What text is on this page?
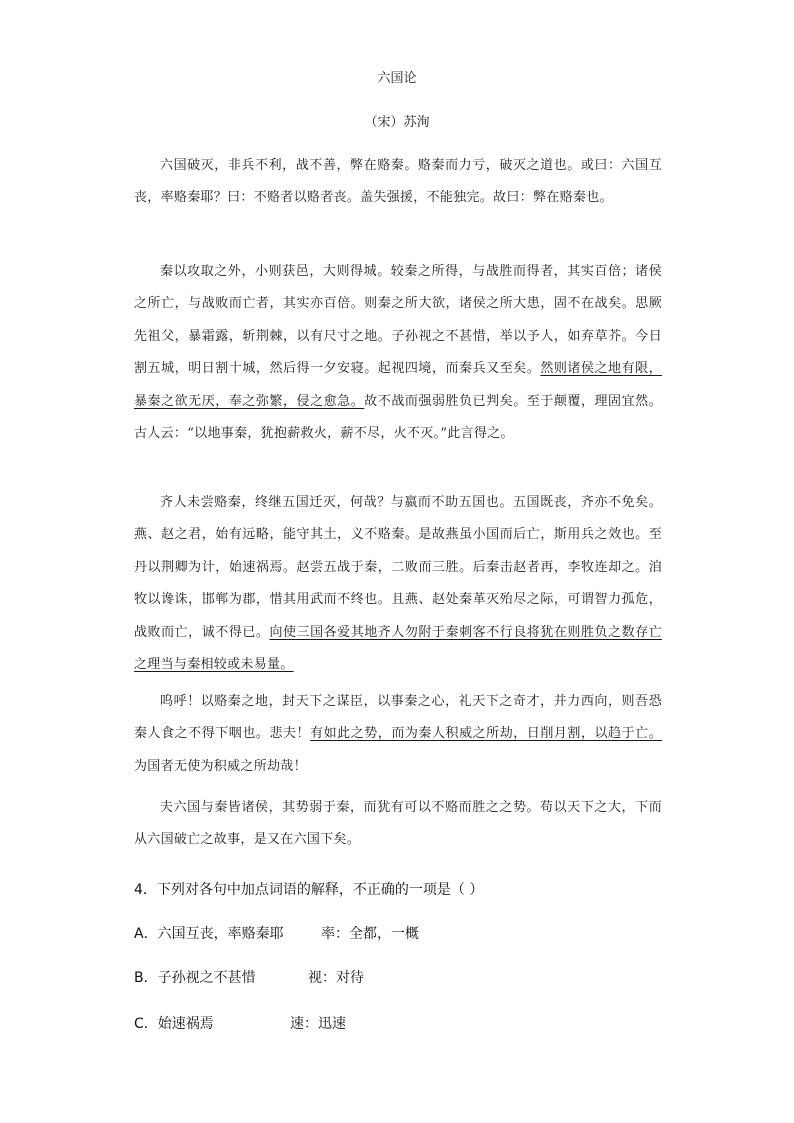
六国论
（宋）苏洵
六国破灭，非兵不利，战不善，弊在赂秦。赂秦而力亏，破灭之道也。或曰：六国互丧，率赂秦耶？曰：不赂者以赂者丧。盖失强援，不能独完。故曰：弊在赂秦也。
秦以攻取之外，小则获邑，大则得城。较秦之所得，与战胜而得者，其实百倍；诸侯之所亡，与战败而亡者，其实亦百倍。则秦之所大欲，诸侯之所大患，固不在战矣。思厥先祖父，暴霜露，斩荆棘，以有尺寸之地。子孙视之不甚惜，举以予人，如弃草芥。今日割五城，明日割十城，然后得一夕安寝。起视四境，而秦兵又至矣。然则诸侯之地有限，暴秦之欲无厌，奉之弥繁，侵之愈急。故不战而强弱胜负已判矣。至于颠覆，理固宜然。古人云：“以地事秦，犹抱薪救火，薪不尽，火不灭。”此言得之。
齐人未尝赂秦，终继五国迁灭，何哉？与嬴而不助五国也。五国既丧，齐亦不免矣。燕、赵之君，始有远略，能守其土，义不赂秦。是故燕虽小国而后亡，斯用兵之效也。至丹以荆卿为计，始速祸焉。赵尝五战于秦，二败而三胜。后秦击赵者再，李牧连却之。洎牧以谗诛，邯郸为郡，惜其用武而不终也。且燕、赵处秦革灭殆尽之际，可谓智力孤危，战败而亡，诚不得已。向使三国各爱其地齐人勿附于秦刺客不行良将犹在则胜负之数存亡之理当与秦相较或未易量。
呜呼！以赂秦之地，封天下之谋臣，以事秦之心，礼天下之奇才，并力西向，则吾恐秦人食之不得下咽也。悲夫！有如此之势，而为秦人积威之所劫，日削月割，以趋于亡。为国者无使为积威之所劫哉！
夫六国与秦皆诸侯，其势弱于秦，而犹有可以不赂而胜之之势。苟以天下之大，下而从六国破亡之故事，是又在六国下矣。
4．下列对各句中加点词语的解释，不正确的一项是（ ）
A．六国互丧，率赂秦耶	率：全都，一概
B．子孙视之不甚惜	视：对待
C．始速祸焉	速：迅速
